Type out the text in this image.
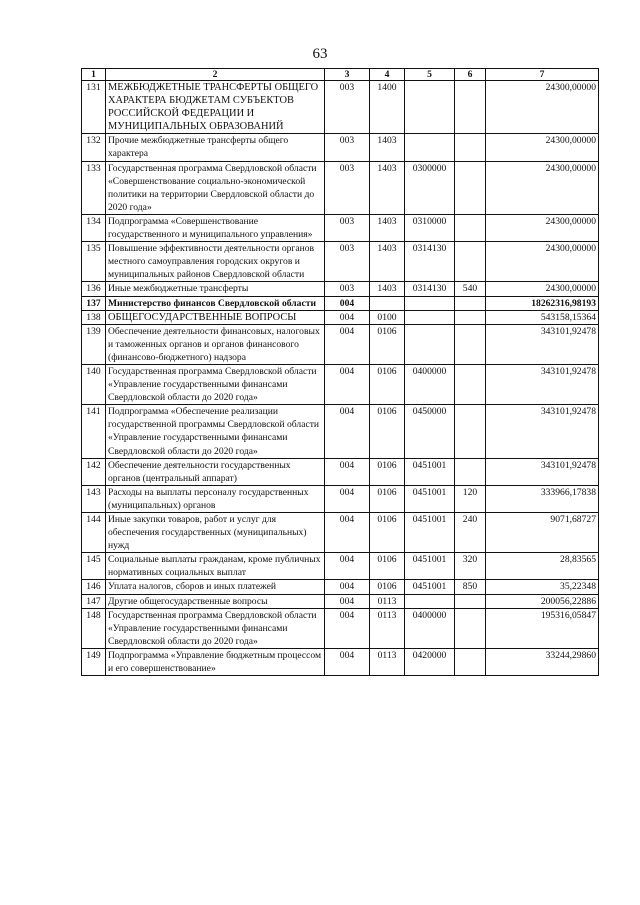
63
1	2	3	4	5	6	7
131	МЕЖБЮДЖЕТНЫЕ ТРАНСФЕРТЫ ОБЩЕГО ХАРАКТЕРА БЮДЖЕТАМ СУБЪЕКТОВ РОССИЙСКОЙ ФЕДЕРАЦИИ И МУНИЦИПАЛЬНЫХ ОБРАЗОВАНИЙ	003	1400			24300,00000
132	Прочие межбюджетные трансферты общего характера	003	1403			24300,00000
133	Государственная программа Свердловской области «Совершенствование социально-экономической политики на территории Свердловской области до 2020 года»	003	1403	0300000		24300,00000
134	Подпрограмма «Совершенствование государственного и муниципального управления»	003	1403	0310000		24300,00000
135	Повышение эффективности деятельности органов местного самоуправления городских округов и муниципальных районов Свердловской области	003	1403	0314130		24300,00000
136	Иные межбюджетные трансферты	003	1403	0314130	540	24300,00000
137	Министерство финансов Свердловской области	004				18262316,98193
138	ОБЩЕГОСУДАРСТВЕННЫЕ ВОПРОСЫ	004	0100			543158,15364
139	Обеспечение деятельности финансовых, налоговых и таможенных органов и органов финансового (финансово-бюджетного) надзора	004	0106			343101,92478
140	Государственная программа Свердловской области «Управление государственными финансами Свердловской области до 2020 года»	004	0106	0400000		343101,92478
141	Подпрограмма «Обеспечение реализации государственной программы Свердловской области «Управление государственными финансами Свердловской области до 2020 года»	004	0106	0450000		343101,92478
142	Обеспечение деятельности государственных органов (центральный аппарат)	004	0106	0451001		343101,92478
143	Расходы на выплаты персоналу государственных (муниципальных) органов	004	0106	0451001	120	333966,17838
144	Иные закупки товаров, работ и услуг для обеспечения государственных (муниципальных) нужд	004	0106	0451001	240	9071,68727
145	Социальные выплаты гражданам, кроме публичных нормативных социальных выплат	004	0106	0451001	320	28,83565
146	Уплата налогов, сборов и иных платежей	004	0106	0451001	850	35,22348
147	Другие общегосударственные вопросы	004	0113			200056,22886
148	Государственная программа Свердловской области «Управление государственными финансами Свердловской области до 2020 года»	004	0113	0400000		195316,05847
149	Подпрограмма «Управление бюджетным процессом и его совершенствование»	004	0113	0420000		33244,29860
